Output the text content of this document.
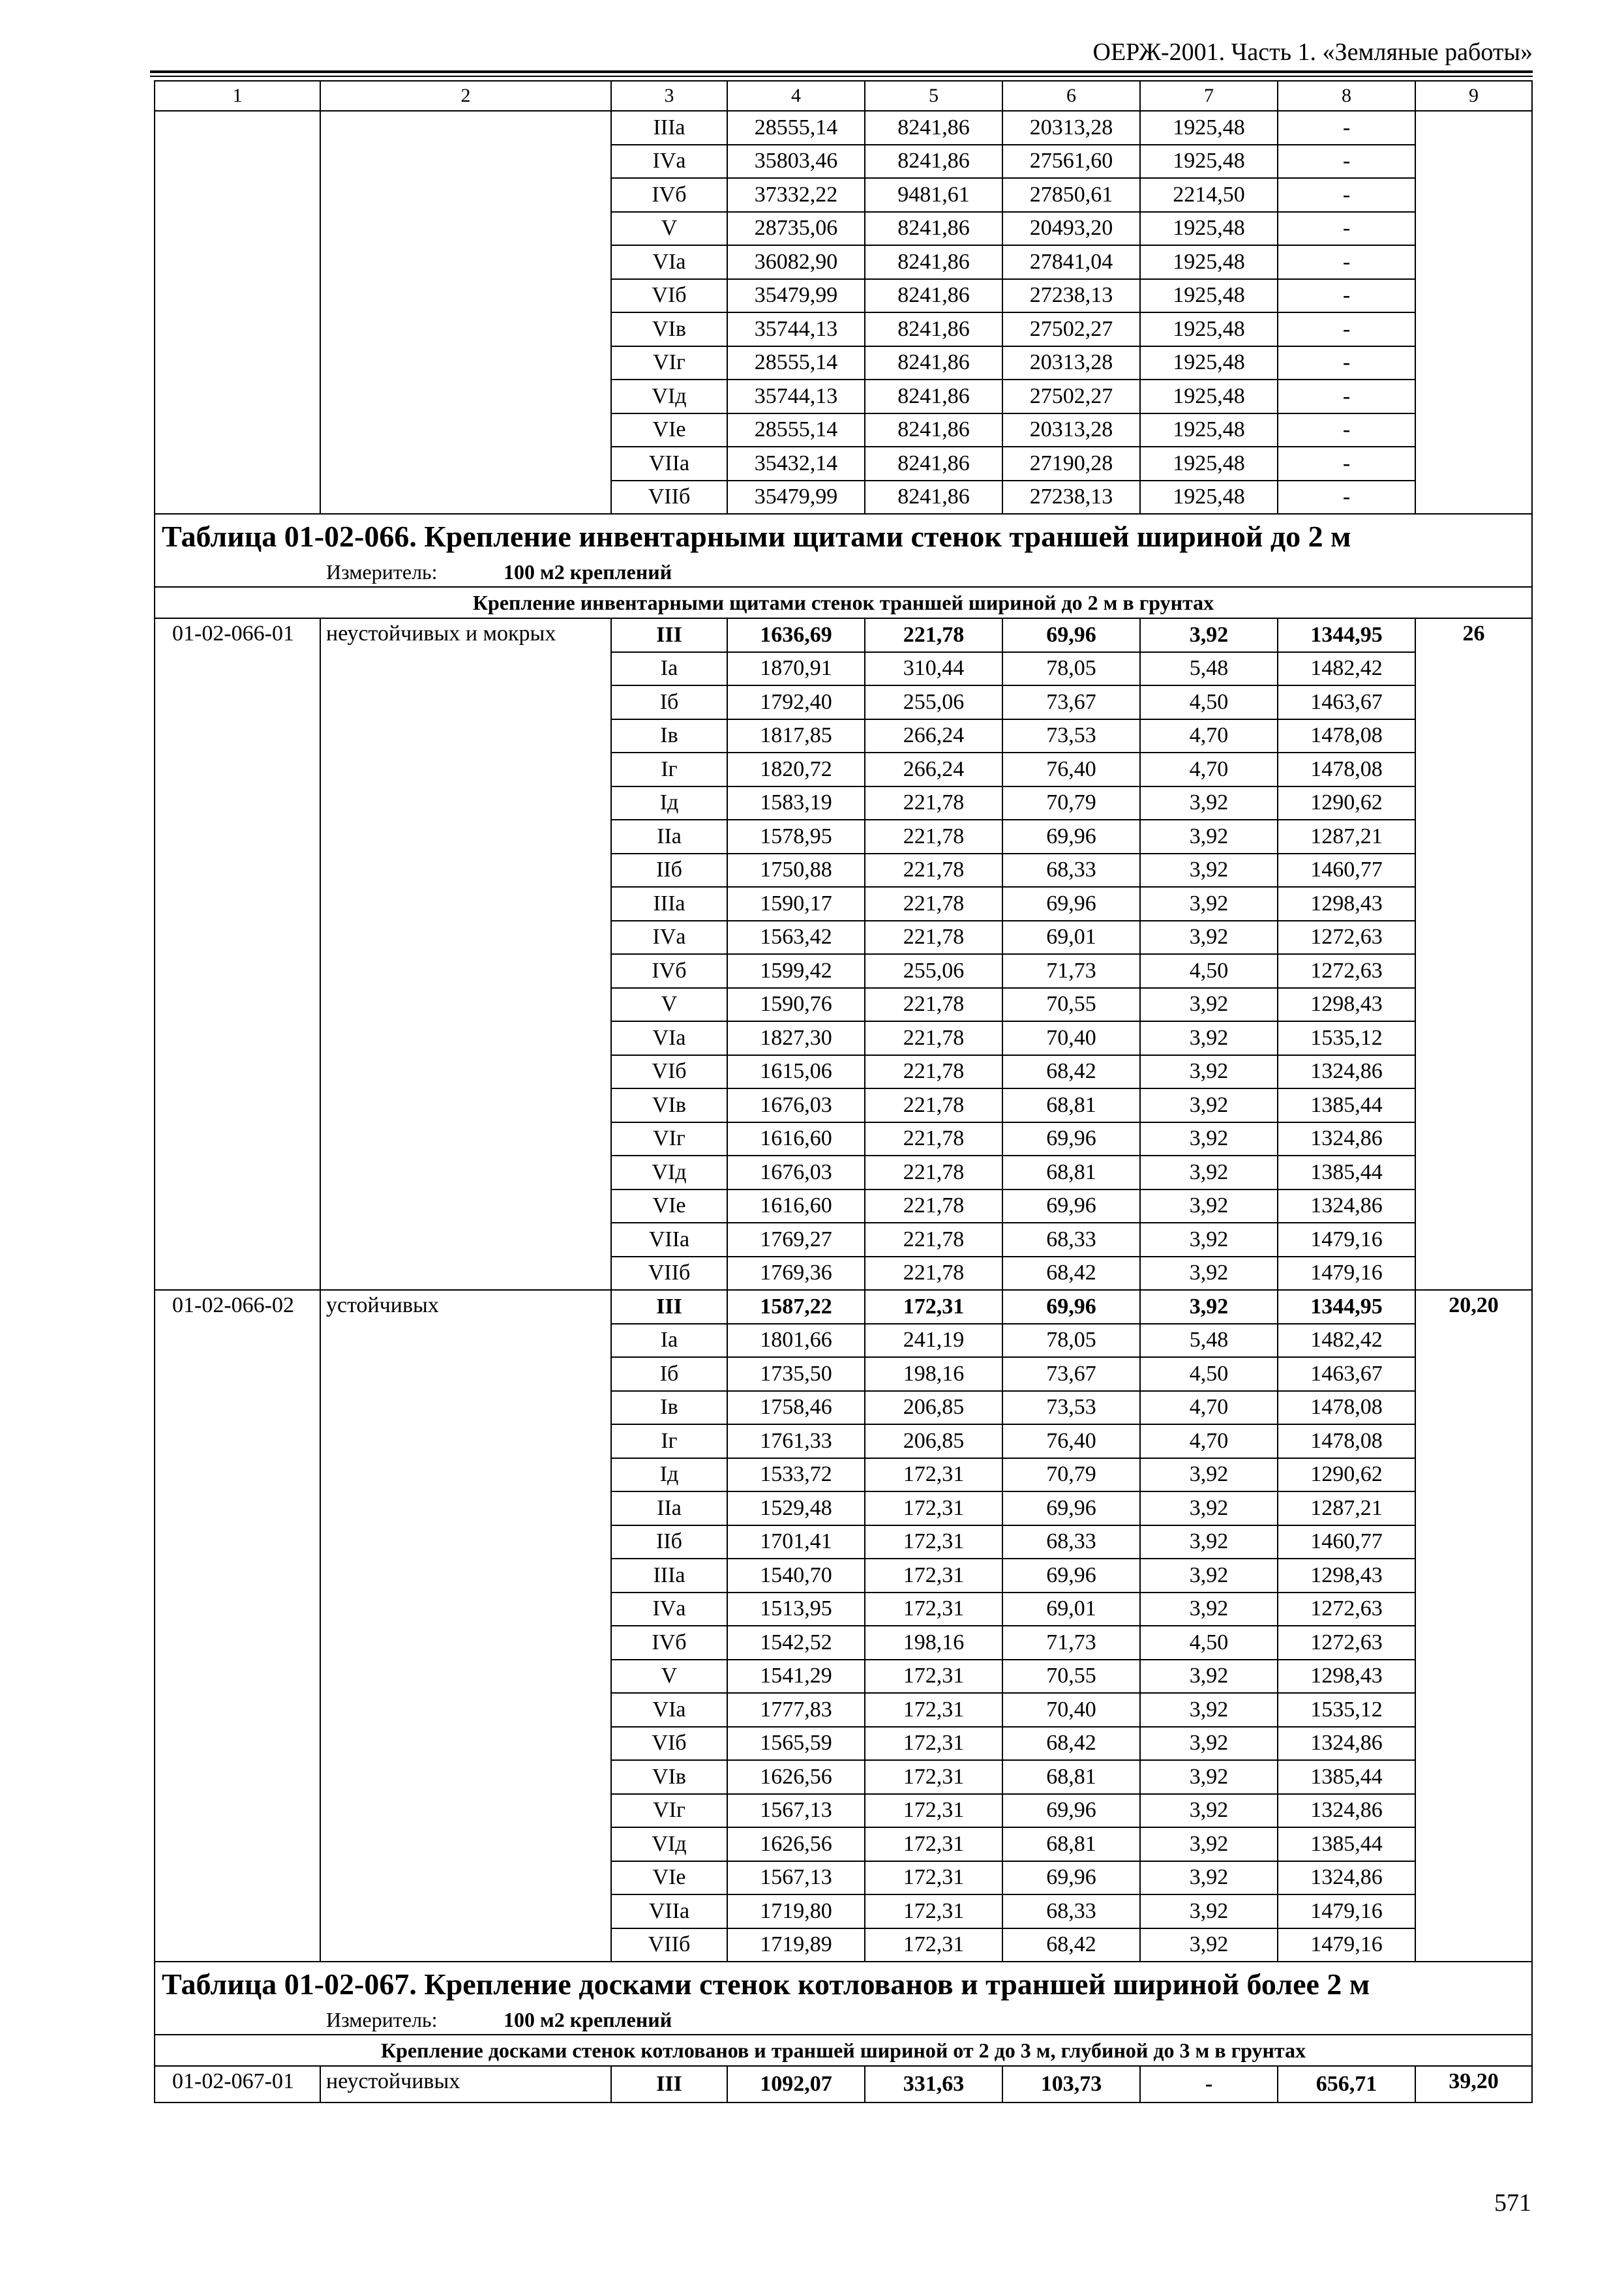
ОЕРЖ-2001. Часть 1. «Земляные работы»
1	2	3	4	5	6	7	8	9
		IIIа	28555,14	8241,86	20313,28	1925,48	-	
		IVа	35803,46	8241,86	27561,60	1925,48	-	
		IVб	37332,22	9481,61	27850,61	2214,50	-	
		V	28735,06	8241,86	20493,20	1925,48	-	
		VIа	36082,90	8241,86	27841,04	1925,48	-	
		VIб	35479,99	8241,86	27238,13	1925,48	-	
		VIв	35744,13	8241,86	27502,27	1925,48	-	
		VIг	28555,14	8241,86	20313,28	1925,48	-	
		VIд	35744,13	8241,86	27502,27	1925,48	-	
		VIе	28555,14	8241,86	20313,28	1925,48	-	
		VIIа	35432,14	8241,86	27190,28	1925,48	-	
		VIIб	35479,99	8241,86	27238,13	1925,48	-	
Таблица 01-02-066. Крепление инвентарными щитами стенок траншей шириной до 2 м								
Измеритель: 100 м2 креплений								
Крепление инвентарными щитами стенок траншей шириной до 2 м в грунтах								
01-02-066-01	неустойчивых и мокрых	III	1636,69	221,78	69,96	3,92	1344,95	26
		Iа	1870,91	310,44	78,05	5,48	1482,42	
		Iб	1792,40	255,06	73,67	4,50	1463,67	
		Iв	1817,85	266,24	73,53	4,70	1478,08	
		Iг	1820,72	266,24	76,40	4,70	1478,08	
		Iд	1583,19	221,78	70,79	3,92	1290,62	
		IIа	1578,95	221,78	69,96	3,92	1287,21	
		IIб	1750,88	221,78	68,33	3,92	1460,77	
		IIIа	1590,17	221,78	69,96	3,92	1298,43	
		IVа	1563,42	221,78	69,01	3,92	1272,63	
		IVб	1599,42	255,06	71,73	4,50	1272,63	
		V	1590,76	221,78	70,55	3,92	1298,43	
		VIа	1827,30	221,78	70,40	3,92	1535,12	
		VIб	1615,06	221,78	68,42	3,92	1324,86	
		VIв	1676,03	221,78	68,81	3,92	1385,44	
		VIг	1616,60	221,78	69,96	3,92	1324,86	
		VIд	1676,03	221,78	68,81	3,92	1385,44	
		VIе	1616,60	221,78	69,96	3,92	1324,86	
		VIIа	1769,27	221,78	68,33	3,92	1479,16	
		VIIб	1769,36	221,78	68,42	3,92	1479,16	
01-02-066-02	устойчивых	III	1587,22	172,31	69,96	3,92	1344,95	20,20
		Iа	1801,66	241,19	78,05	5,48	1482,42	
		Iб	1735,50	198,16	73,67	4,50	1463,67	
		Iв	1758,46	206,85	73,53	4,70	1478,08	
		Iг	1761,33	206,85	76,40	4,70	1478,08	
		Iд	1533,72	172,31	70,79	3,92	1290,62	
		IIа	1529,48	172,31	69,96	3,92	1287,21	
		IIб	1701,41	172,31	68,33	3,92	1460,77	
		IIIа	1540,70	172,31	69,96	3,92	1298,43	
		IVа	1513,95	172,31	69,01	3,92	1272,63	
		IVб	1542,52	198,16	71,73	4,50	1272,63	
		V	1541,29	172,31	70,55	3,92	1298,43	
		VIа	1777,83	172,31	70,40	3,92	1535,12	
		VIб	1565,59	172,31	68,42	3,92	1324,86	
		VIв	1626,56	172,31	68,81	3,92	1385,44	
		VIг	1567,13	172,31	69,96	3,92	1324,86	
		VIд	1626,56	172,31	68,81	3,92	1385,44	
		VIе	1567,13	172,31	69,96	3,92	1324,86	
		VIIа	1719,80	172,31	68,33	3,92	1479,16	
		VIIб	1719,89	172,31	68,42	3,92	1479,16	
Таблица 01-02-067. Крепление досками стенок котлованов и траншей шириной более 2 м								
Измеритель: 100 м2 креплений								
Крепление досками стенок котлованов и траншей шириной от 2 до 3 м, глубиной до 3 м в грунтах								
01-02-067-01	неустойчивых	III	1092,07	331,63	103,73	-	656,71	39,20
571
